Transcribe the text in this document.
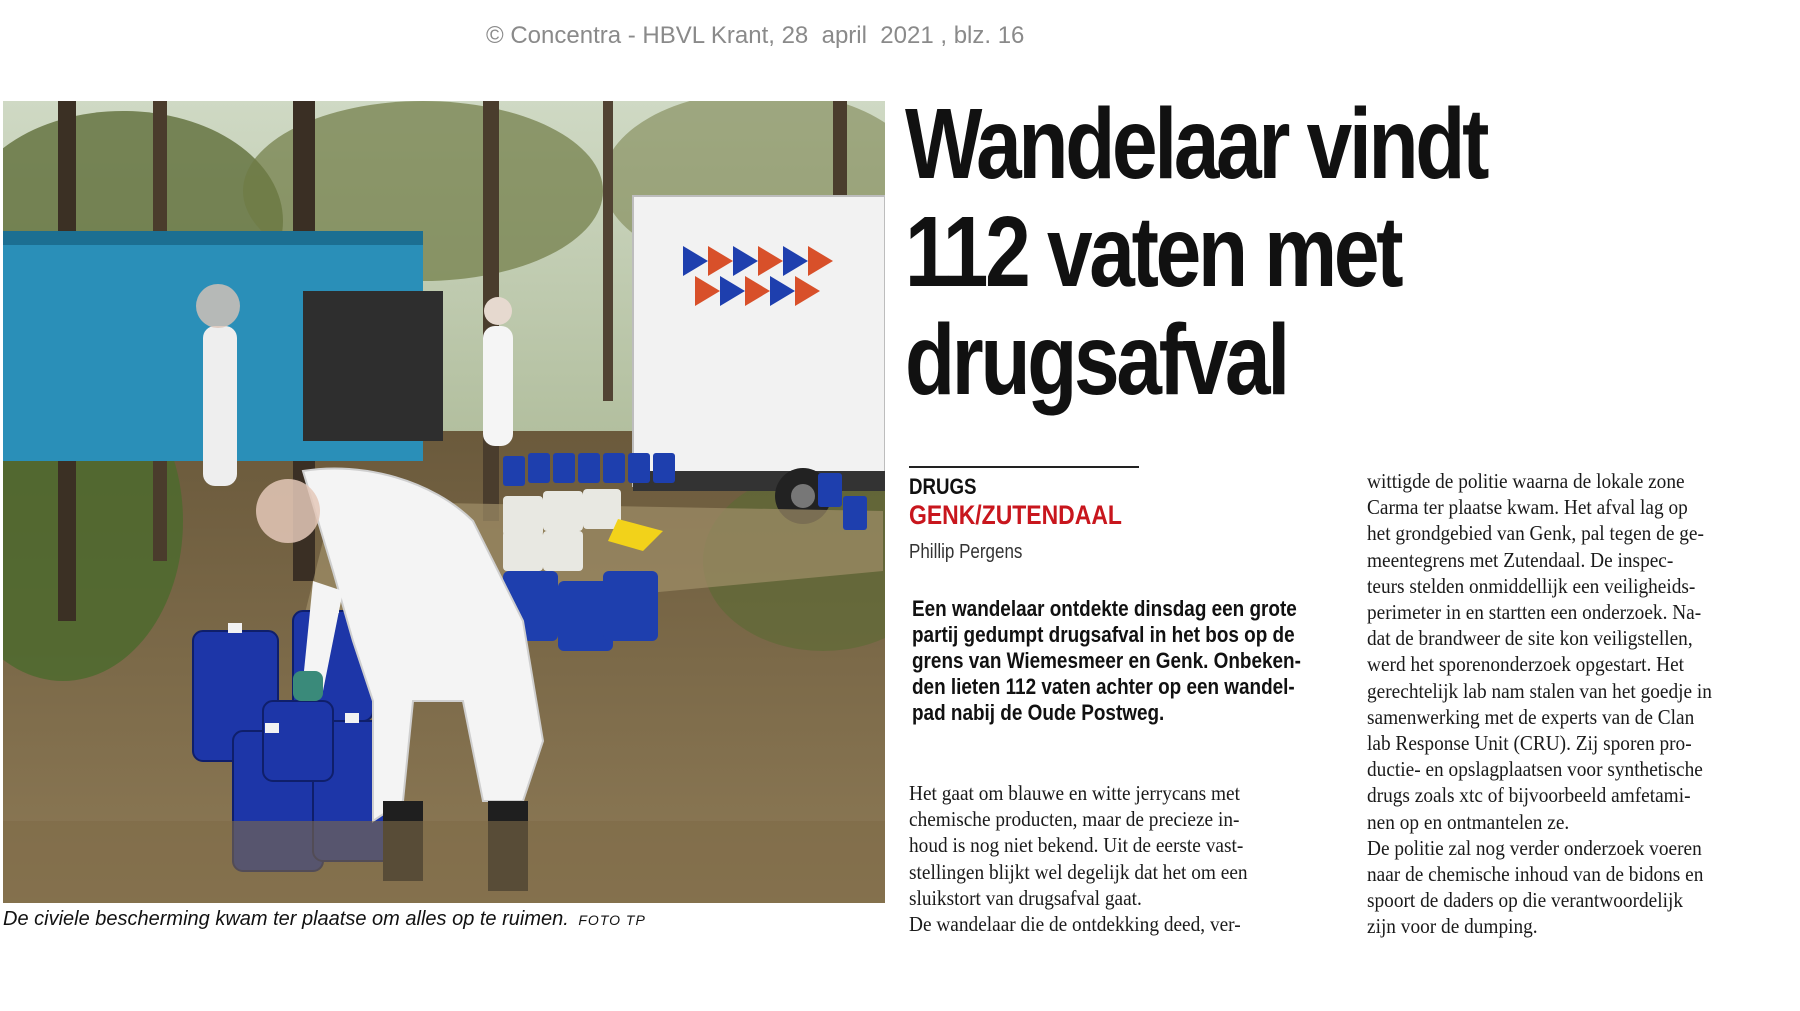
© Concentra - HBVL Krant, 28  april  2021 , blz. 16
De civiele bescherming kwam ter plaatse om alles op te ruimen. FOTO TP
Wandelaar vindt
112 vaten met
drugsafval
DRUGS
GENK/ZUTENDAAL
Phillip Pergens
Een wandelaar ontdekte dinsdag een grote
partij gedumpt drugsafval in het bos op de
grens van Wiemesmeer en Genk. Onbeken-
den lieten 112 vaten achter op een wandel-
pad nabij de Oude Postweg.
Het gaat om blauwe en witte jerrycans met
chemische producten, maar de precieze in-
houd is nog niet bekend. Uit de eerste vast-
stellingen blijkt wel degelijk dat het om een
sluikstort van drugsafval gaat.
De wandelaar die de ontdekking deed, ver-
wittigde de politie waarna de lokale zone
Carma ter plaatse kwam. Het afval lag op
het grondgebied van Genk, pal tegen de ge-
meentegrens met Zutendaal. De inspec-
teurs stelden onmiddellijk een veiligheids-
perimeter in en startten een onderzoek. Na-
dat de brandweer de site kon veiligstellen,
werd het sporenonderzoek opgestart. Het
gerechtelijk lab nam stalen van het goedje in
samenwerking met de experts van de Clan
lab Response Unit (CRU). Zij sporen pro-
ductie- en opslagplaatsen voor synthetische
drugs zoals xtc of bijvoorbeeld amfetami-
nen op en ontmantelen ze.
De politie zal nog verder onderzoek voeren
naar de chemische inhoud van de bidons en
spoort de daders op die verantwoordelijk
zijn voor de dumping.
